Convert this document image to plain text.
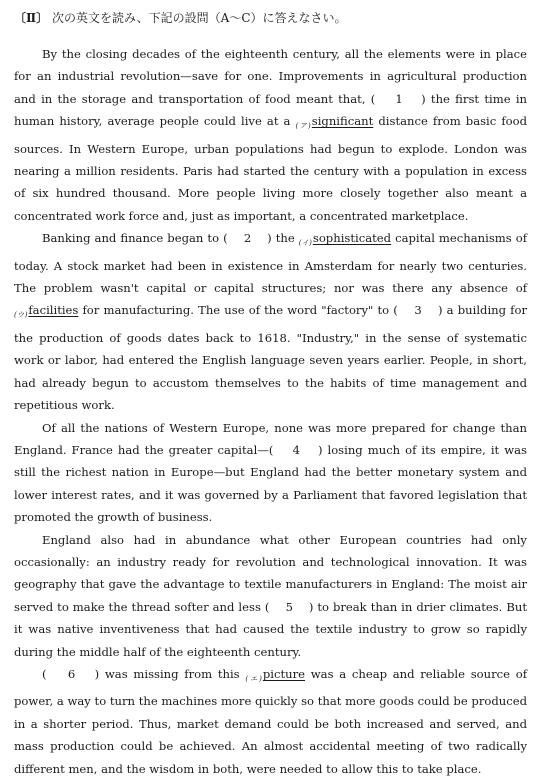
〔Ⅱ〕 次の英文を読み、下記の設問（A～C）に答えなさい。

By the closing decades of the eighteenth century, all the elements were in place for an industrial revolution—save for one. Improvements in agricultural production and in the storage and transportation of food meant that, (　 1 　) the first time in human history, average people could live at a $_{(ア)}$significant distance from basic food sources. In Western Europe, urban populations had begun to explode. London was nearing a million residents. Paris had started the century with a population in excess of six hundred thousand. More people living more closely together also meant a concentrated work force and, just as important, a concentrated marketplace.

Banking and finance began to (　 2 　) the $_{(イ)}$sophisticated capital mechanisms of today. A stock market had been in existence in Amsterdam for nearly two centuries. The problem wasn't capital or capital structures; nor was there any absence of $_{(ウ)}$facilities for manufacturing. The use of the word "factory" to (　 3 　) a building for the production of goods dates back to 1618. "Industry," in the sense of systematic work or labor, had entered the English language seven years earlier. People, in short, had already begun to accustom themselves to the habits of time management and repetitious work.

Of all the nations of Western Europe, none was more prepared for change than England. France had the greater capital—(　 4 　) losing much of its empire, it was still the richest nation in Europe—but England had the better monetary system and lower interest rates, and it was governed by a Parliament that favored legislation that promoted the growth of business.

England also had in abundance what other European countries had only occasionally: an industry ready for revolution and technological innovation. It was geography that gave the advantage to textile manufacturers in England: The moist air served to make the thread softer and less (　 5 　) to break than in drier climates. But it was native inventiveness that had caused the textile industry to grow so rapidly during the middle half of the eighteenth century.

(　 6 　) was missing from this $_{(エ)}$picture was a cheap and reliable source of power, a way to turn the machines more quickly so that more goods could be produced in a shorter period. Thus, market demand could be both increased and served, and mass production could be achieved. An almost accidental meeting of two radically different men, and the wisdom in both, were needed to allow this to take place.
